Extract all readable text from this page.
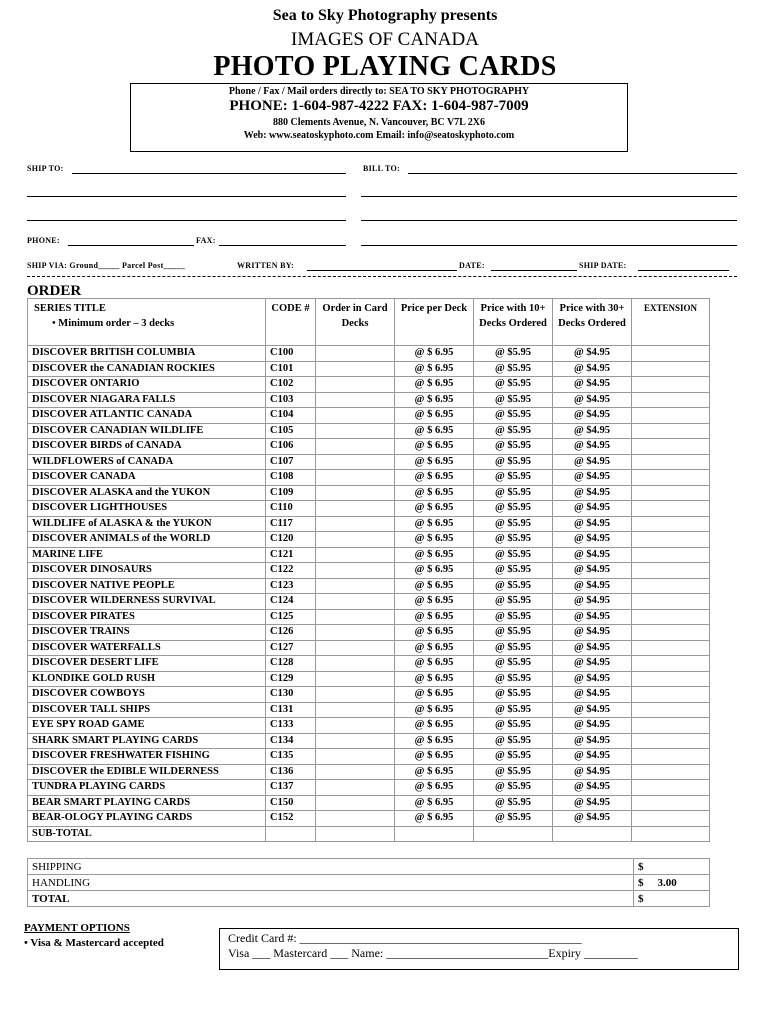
Sea to Sky Photography presents
IMAGES OF CANADA
PHOTO PLAYING CARDS
Phone / Fax / Mail orders directly to: SEA TO SKY PHOTOGRAPHY
PHONE: 1-604-987-4222 FAX: 1-604-987-7009
880 Clements Avenue, N. Vancouver, BC V7L 2X6
Web: www.seatoskyphoto.com Email: info@seatoskyphoto.com
SHIP TO:	BILL TO:
PHONE:	FAX:
SHIP VIA: Ground_____ Parcel Post_____	WRITTEN BY:	DATE:	SHIP DATE:
ORDER
SERIES TITLE
• Minimum order – 3 decks	CODE #	Order in Card Decks	Price per Deck	Price with 10+ Decks Ordered	Price with 30+ Decks Ordered	EXTENSION
DISCOVER BRITISH COLUMBIA	C100		@ $ 6.95	@ $5.95	@ $4.95	
DISCOVER the CANADIAN ROCKIES	C101		@ $ 6.95	@ $5.95	@ $4.95	
DISCOVER ONTARIO	C102		@ $ 6.95	@ $5.95	@ $4.95	
DISCOVER NIAGARA FALLS	C103		@ $ 6.95	@ $5.95	@ $4.95	
DISCOVER ATLANTIC CANADA	C104		@ $ 6.95	@ $5.95	@ $4.95	
DISCOVER CANADIAN WILDLIFE	C105		@ $ 6.95	@ $5.95	@ $4.95	
DISCOVER BIRDS of CANADA	C106		@ $ 6.95	@ $5.95	@ $4.95	
WILDFLOWERS of CANADA	C107		@ $ 6.95	@ $5.95	@ $4.95	
DISCOVER CANADA	C108		@ $ 6.95	@ $5.95	@ $4.95	
DISCOVER ALASKA and the YUKON	C109		@ $ 6.95	@ $5.95	@ $4.95	
DISCOVER LIGHTHOUSES	C110		@ $ 6.95	@ $5.95	@ $4.95	
WILDLIFE of ALASKA & the YUKON	C117		@ $ 6.95	@ $5.95	@ $4.95	
DISCOVER ANIMALS of the WORLD	C120		@ $ 6.95	@ $5.95	@ $4.95	
MARINE LIFE	C121		@ $ 6.95	@ $5.95	@ $4.95	
DISCOVER DINOSAURS	C122		@ $ 6.95	@ $5.95	@ $4.95	
DISCOVER NATIVE PEOPLE	C123		@ $ 6.95	@ $5.95	@ $4.95	
DISCOVER WILDERNESS SURVIVAL	C124		@ $ 6.95	@ $5.95	@ $4.95	
DISCOVER PIRATES	C125		@ $ 6.95	@ $5.95	@ $4.95	
DISCOVER TRAINS	C126		@ $ 6.95	@ $5.95	@ $4.95	
DISCOVER WATERFALLS	C127		@ $ 6.95	@ $5.95	@ $4.95	
DISCOVER DESERT LIFE	C128		@ $ 6.95	@ $5.95	@ $4.95	
KLONDIKE GOLD RUSH	C129		@ $ 6.95	@ $5.95	@ $4.95	
DISCOVER COWBOYS	C130		@ $ 6.95	@ $5.95	@ $4.95	
DISCOVER TALL SHIPS	C131		@ $ 6.95	@ $5.95	@ $4.95	
EYE SPY ROAD GAME	C133		@ $ 6.95	@ $5.95	@ $4.95	
SHARK SMART PLAYING CARDS	C134		@ $ 6.95	@ $5.95	@ $4.95	
DISCOVER FRESHWATER FISHING	C135		@ $ 6.95	@ $5.95	@ $4.95	
DISCOVER the EDIBLE WILDERNESS	C136		@ $ 6.95	@ $5.95	@ $4.95	
TUNDRA PLAYING CARDS	C137		@ $ 6.95	@ $5.95	@ $4.95	
BEAR SMART PLAYING CARDS	C150		@ $ 6.95	@ $5.95	@ $4.95	
BEAR-OLOGY PLAYING CARDS	C152		@ $ 6.95	@ $5.95	@ $4.95	
SUB-TOTAL						
SHIPPING	$
HANDLING	$ 3.00
TOTAL	$
PAYMENT OPTIONS
• Visa & Mastercard accepted	Credit Card #: _______________________________________________
Visa ___ Mastercard ___ Name: ___________________________Expiry _________
